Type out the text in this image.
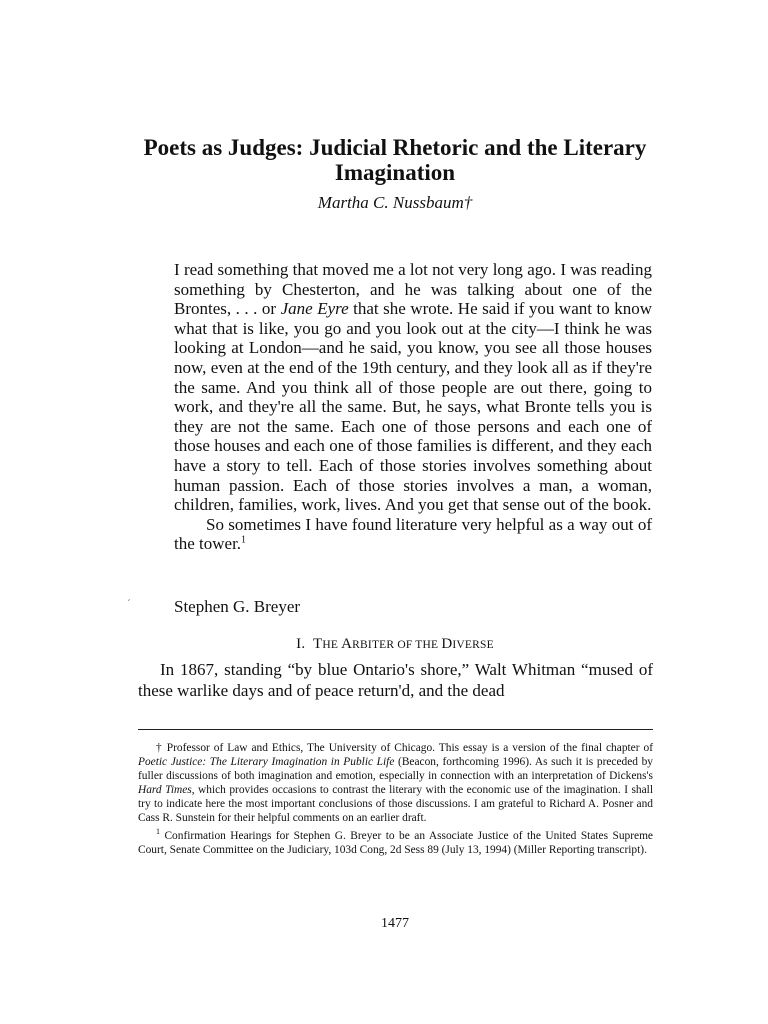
Poets as Judges: Judicial Rhetoric and the Literary Imagination

Martha C. Nussbaum†

I read something that moved me a lot not very long ago. I was reading something by Chesterton, and he was talking about one of the Brontes, . . . or Jane Eyre that she wrote. He said if you want to know what that is like, you go and you look out at the city—I think he was looking at London—and he said, you know, you see all those houses now, even at the end of the 19th century, and they look all as if they're the same. And you think all of those people are out there, going to work, and they're all the same. But, he says, what Bronte tells you is they are not the same. Each one of those persons and each one of those houses and each one of those families is different, and they each have a story to tell. Each of those stories involves something about human passion. Each of those stories involves a man, a woman, children, families, work, lives. And you get that sense out of the book.

So sometimes I have found literature very helpful as a way out of the tower.$^1$

ˊ	Stephen G. Breyer

I. THE ARBITER OF THE DIVERSE

In 1867, standing “by blue Ontario's shore,” Walt Whitman “mused of these warlike days and of peace return'd, and the dead

† Professor of Law and Ethics, The University of Chicago. This essay is a version of the final chapter of Poetic Justice: The Literary Imagination in Public Life (Beacon, forthcoming 1996). As such it is preceded by fuller discussions of both imagination and emotion, especially in connection with an interpretation of Dickens's Hard Times, which provides occasions to contrast the literary with the economic use of the imagination. I shall try to indicate here the most important conclusions of those discussions. I am grateful to Richard A. Posner and Cass R. Sunstein for their helpful comments on an earlier draft.

$^1$ Confirmation Hearings for Stephen G. Breyer to be an Associate Justice of the United States Supreme Court, Senate Committee on the Judiciary, 103d Cong, 2d Sess 89 (July 13, 1994) (Miller Reporting transcript).

1477
